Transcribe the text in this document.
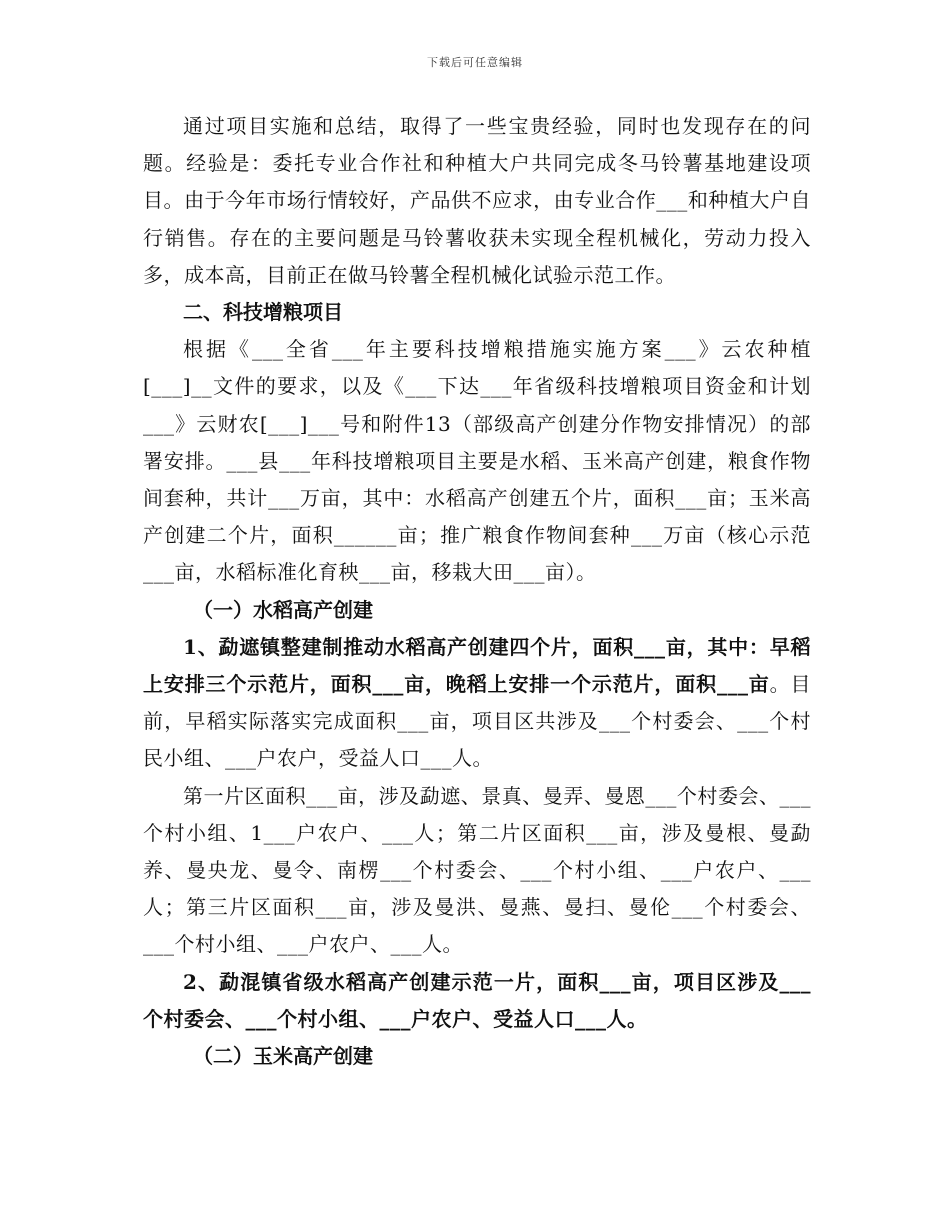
下载后可任意编辑

通过项目实施和总结，取得了一些宝贵经验，同时也发现存在的问题。经验是：委托专业合作社和种植大户共同完成冬马铃薯基地建设项目。由于今年市场行情较好，产品供不应求，由专业合作___和种植大户自行销售。存在的主要问题是马铃薯收获未实现全程机械化，劳动力投入多，成本高，目前正在做马铃薯全程机械化试验示范工作。

二、科技增粮项目

根据《___全省___年主要科技增粮措施实施方案___》云农种植[___]__文件的要求，以及《___下达___年省级科技增粮项目资金和计划___》云财农[___]___号和附件13（部级高产创建分作物安排情况）的部署安排。___县___年科技增粮项目主要是水稻、玉米高产创建，粮食作物间套种，共计___万亩，其中：水稻高产创建五个片，面积___亩；玉米高产创建二个片，面积______亩；推广粮食作物间套种___万亩（核心示范___亩，水稻标准化育秧___亩，移栽大田___亩）。

（一）水稻高产创建

1、勐遮镇整建制推动水稻高产创建四个片，面积___亩，其中：早稻上安排三个示范片，面积___亩，晚稻上安排一个示范片，面积___亩。目前，早稻实际落实完成面积___亩，项目区共涉及___个村委会、___个村民小组、___户农户，受益人口___人。

第一片区面积___亩，涉及勐遮、景真、曼弄、曼恩___个村委会、___个村小组、1___户农户、___人；第二片区面积___亩，涉及曼根、曼勐养、曼央龙、曼令、南楞___个村委会、___个村小组、___户农户、___人；第三片区面积___亩，涉及曼洪、曼燕、曼扫、曼伦___个村委会、___个村小组、___户农户、___人。

2、勐混镇省级水稻高产创建示范一片，面积___亩，项目区涉及___个村委会、___个村小组、___户农户、受益人口___人。

（二）玉米高产创建
